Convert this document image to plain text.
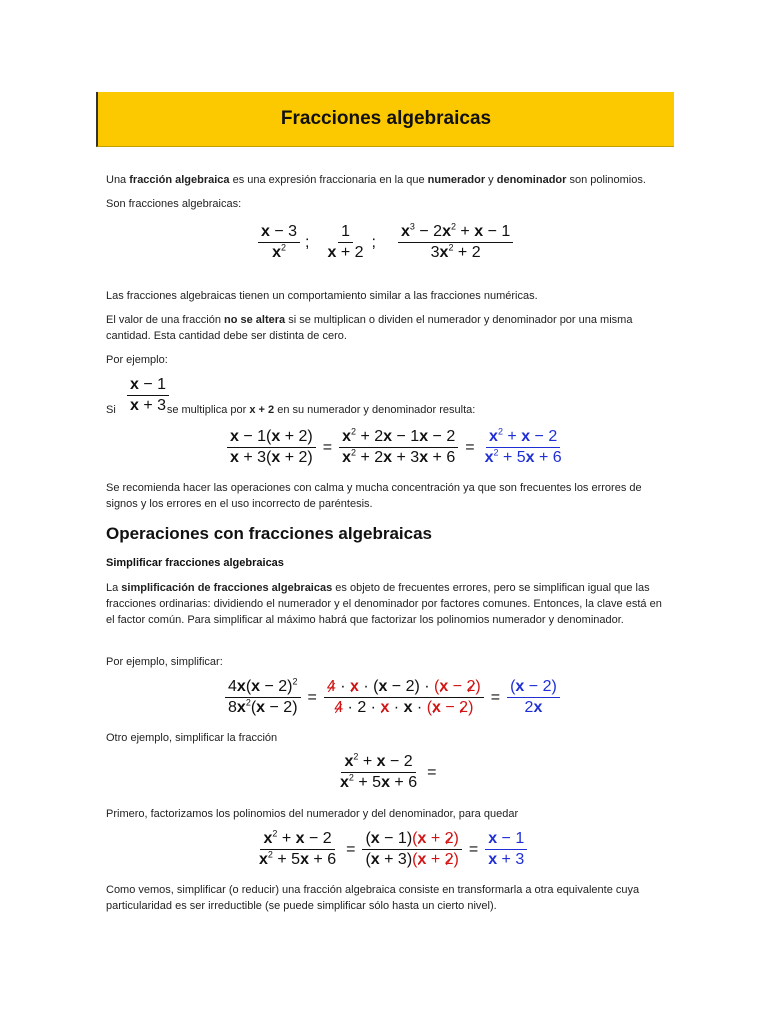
Fracciones algebraicas
Una fracción algebraica es una expresión fraccionaria en la que numerador y denominador son polinomios.
Son fracciones algebraicas:
$\frac{x - 3}{x^2}$ ; $\frac{1}{x + 2}$ ; $\frac{x^3 - 2x^2 + x - 1}{3x^2 + 2}$
Las fracciones algebraicas tienen un comportamiento similar a las fracciones numéricas.
El valor de una fracción no se altera si se multiplican o dividen el numerador y denominador por una misma cantidad. Esta cantidad debe ser distinta de cero.
Por ejemplo:
$\frac{x - 1}{x + 3}$
Si	se multiplica por x + 2 en su numerador y denominador resulta:
$\frac{x - 1(x + 2)}{x + 3(x + 2)} = \frac{x^2 + 2x - 1x - 2}{x^2 + 2x + 3x + 6} = \frac{x^2 + x - 2}{x^2 + 5x + 6}$
Se recomienda hacer las operaciones con calma y mucha concentración ya que son frecuentes los errores de signos y los errores en el uso incorrecto de paréntesis.
Operaciones con fracciones algebraicas
Simplificar fracciones algebraicas
La simplificación de fracciones algebraicas es objeto de frecuentes errores, pero se simplifican igual que las fracciones ordinarias: dividiendo el numerador y el denominador por factores comunes. Entonces, la clave está en el factor común. Para simplificar al máximo habrá que factorizar los polinomios numerador y denominador.
Por ejemplo, simplificar:
$\frac{4x(x - 2)^2}{8x^2(x - 2)} = \frac{4 \cdot x \cdot (x - 2) \cdot (x - 2)}{4 \cdot 2 \cdot x \cdot x \cdot (x - 2)} = \frac{(x - 2)}{2x}$
Otro ejemplo, simplificar la fracción
$\frac{x^2 + x - 2}{x^2 + 5x + 6}$ =
Primero, factorizamos los polinomios del numerador y del denominador, para quedar
$\frac{x^2 + x - 2}{x^2 + 5x + 6} = \frac{(x - 1)(x + 2)}{(x + 3)(x + 2)} = \frac{x - 1}{x + 3}$
Como vemos, simplificar (o reducir) una fracción algebraica consiste en transformarla a otra equivalente cuya particularidad es ser irreductible (se puede simplificar sólo hasta un cierto nivel).
